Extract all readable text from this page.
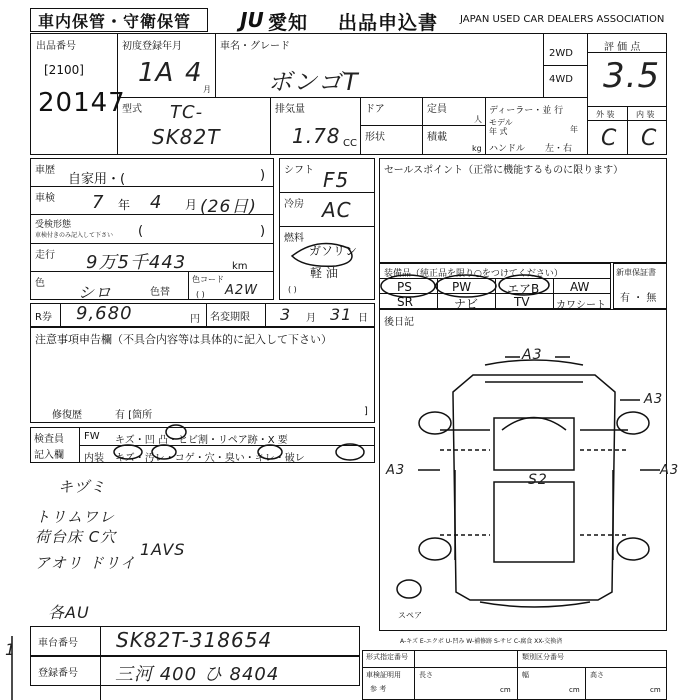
車内保管・守衛保管 JU 愛知 出品申込書 JAPAN USED CAR DEALERS ASSOCIATION
出品番号
[2100]
20147
初度登録年月
1A 4
月
車名・グレード
ボンゴT
2WD
4WD
評 価 点
3.5
外 装	内 装
C C
型式 TC-
SK82T
排気量
1.78 CC
ドア
形状
定員
人
積載
kg
ディーラー・並 行
モデル
年 式	年
ハンドル 左・右
車歴
自家用・(	)
車検 7 年 4 月 (26日)
受検形態
車検付きのみ記入して下さい (	)
走行 9万5千443	km
色 シロ	色替
色コード
A2W
( )
シフト F5
冷房 AC
燃料
ガソリン
軽 油
( )
セールスポイント（正常に機能するものに限ります）
装備品（純正品を限り○をつけてください）
PS	PW	エアB	AW
SR	ナビ	TV	カワシート
新車保証書
有 ・ 無
R券 9,680	円 名変期限 3 月 31 日
注意事項申告欄（不具合内容等は具体的に記入して下さい）
修復歴	有 [箇所	]
検査員
記入欄
FW キズ・凹 凸・ヒビ割・リペア跡・X 要
内装 キズ・汚レ・コゲ・穴・臭い・キレ・破レ
キヅミ
トリムワレ
荷台床 C穴
アオリ ドリイ
各AU
1AVS
後日記
A3
A3
A3	A3
S2
スペア
A-キズ E-エクボ U-凹み W-補修跡 S-サビ C-腐食 XX-交換済
車台番号 SK82T-318654
登録番号 三河 400 ひ 8404
形式指定番号	類別区分番号
車検証明用
参 考
長さ
cm
幅
cm
高さ
cm
1
